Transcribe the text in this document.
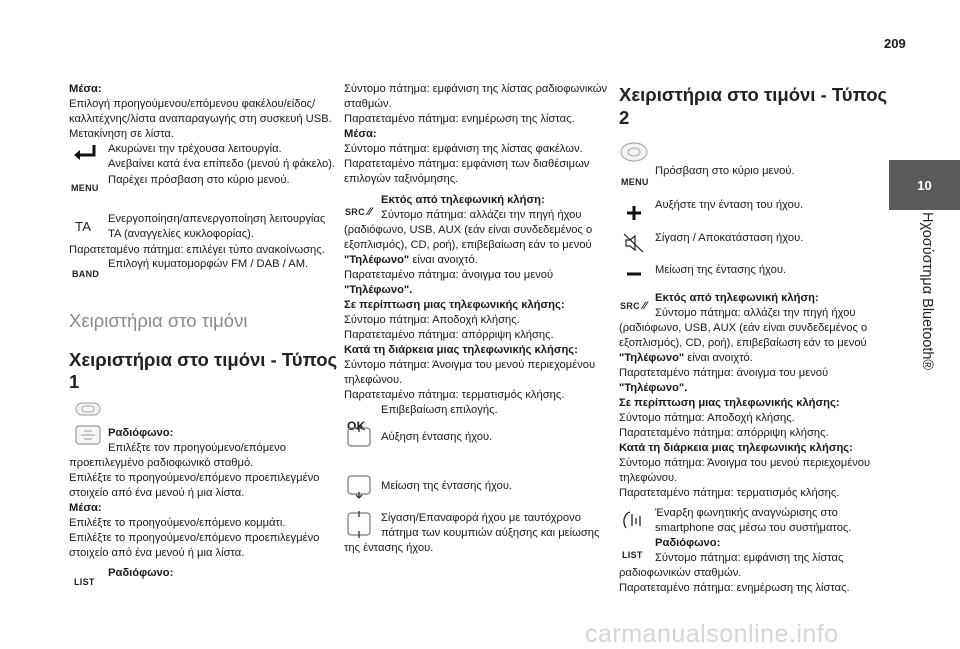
209
10
Ηχοσύστημα Bluetooth®
Μέσα:
Επιλογή προηγούμενου/επόμενου φακέλου/είδος/
καλλιτέχνης/λίστα αναπαραγωγής στη συσκευή USB.
Μετακίνηση σε λίστα.
Ακυρώνει την τρέχουσα λειτουργία.
Ανεβαίνει κατά ένα επίπεδο (μενού ή φάκελο).
MENU
Παρέχει πρόσβαση στο κύριο μενού.
TA Ενεργοποίηση/απενεργοποίηση λειτουργίας
TA (αναγγελίες κυκλοφορίας).
Παρατεταμένο πάτημα: επιλέγει τύπο ανακοίνωσης.
BAND
Επιλογή κυματομορφών FM / DAB / AM.
Χειριστήρια στο τιμόνι
Χειριστήρια στο τιμόνι - Τύπος
1
Ραδιόφωνο:
Επιλέξτε τον προηγούμενο/επόμενο
προεπιλεγμένο ραδιοφωνικό σταθμό.
Επιλέξτε το προηγούμενο/επόμενο προεπιλεγμένο
στοιχείο από ένα μενού ή μια λίστα.
Μέσα:
Επιλέξτε το προηγούμενο/επόμενο κομμάτι.
Επιλέξτε το προηγούμενο/επόμενο προεπιλεγμένο
στοιχείο από ένα μενού ή μια λίστα.
LIST
Ραδιόφωνο:
Σύντομο πάτημα: εμφάνιση της λίστας ραδιοφωνικών
σταθμών.
Παρατεταμένο πάτημα: ενημέρωση της λίστας.
Μέσα:
Σύντομο πάτημα: εμφάνιση της λίστας φακέλων.
Παρατεταμένο πάτημα: εμφάνιση των διαθέσιμων
επιλογών ταξινόμησης.
SRC ⁄⁄
Εκτός από τηλεφωνική κλήση:
Σύντομο πάτημα: αλλάζει την πηγή ήχου
(ραδιόφωνο, USB, AUX (εάν είναι συνδεδεμένος ο
εξοπλισμός), CD, ροή), επιβεβαίωση εάν το μενού
"Τηλέφωνο" είναι ανοιχτό.
Παρατεταμένο πάτημα: άνοιγμα του μενού
"Τηλέφωνο".
Σε περίπτωση μιας τηλεφωνικής κλήσης:
Σύντομο πάτημα: Αποδοχή κλήσης.
Παρατεταμένο πάτημα: απόρριψη κλήσης.
Κατά τη διάρκεια μιας τηλεφωνικής κλήσης:
Σύντομο πάτημα: Άνοιγμα του μενού περιεχομένου
τηλεφώνου.
Παρατεταμένο πάτημα: τερματισμός κλήσης.
OK
Επιβεβαίωση επιλογής.
Αύξηση έντασης ήχου.
Μείωση της έντασης ήχου.
Σίγαση/Επαναφορά ήχου με ταυτόχρονο
πάτημα των κουμπιών αύξησης και μείωσης
της έντασης ήχου.
Χειριστήρια στο τιμόνι - Τύπος
2
MENU
Πρόσβαση στο κύριο μενού.
Αυξήστε την ένταση του ήχου.
Σίγαση / Αποκατάσταση ήχου.
Μείωση της έντασης ήχου.
SRC ⁄⁄
Εκτός από τηλεφωνική κλήση:
Σύντομο πάτημα: αλλάζει την πηγή ήχου
(ραδιόφωνο, USB, AUX (εάν είναι συνδεδεμένος ο
εξοπλισμός), CD, ροή), επιβεβαίωση εάν το μενού
"Τηλέφωνο" είναι ανοιχτό.
Παρατεταμένο πάτημα: άνοιγμα του μενού
"Τηλέφωνο".
Σε περίπτωση μιας τηλεφωνικής κλήσης:
Σύντομο πάτημα: Αποδοχή κλήσης.
Παρατεταμένο πάτημα: απόρριψη κλήσης.
Κατά τη διάρκεια μιας τηλεφωνικής κλήσης:
Σύντομο πάτημα: Άνοιγμα του μενού περιεχομένου
τηλεφώνου.
Παρατεταμένο πάτημα: τερματισμός κλήσης.
Έναρξη φωνητικής αναγνώρισης στο
smartphone σας μέσω του συστήματος.
LIST
Ραδιόφωνο:
Σύντομο πάτημα: εμφάνιση της λίστας
ραδιοφωνικών σταθμών.
Παρατεταμένο πάτημα: ενημέρωση της λίστας.
carmanualsonline.info
